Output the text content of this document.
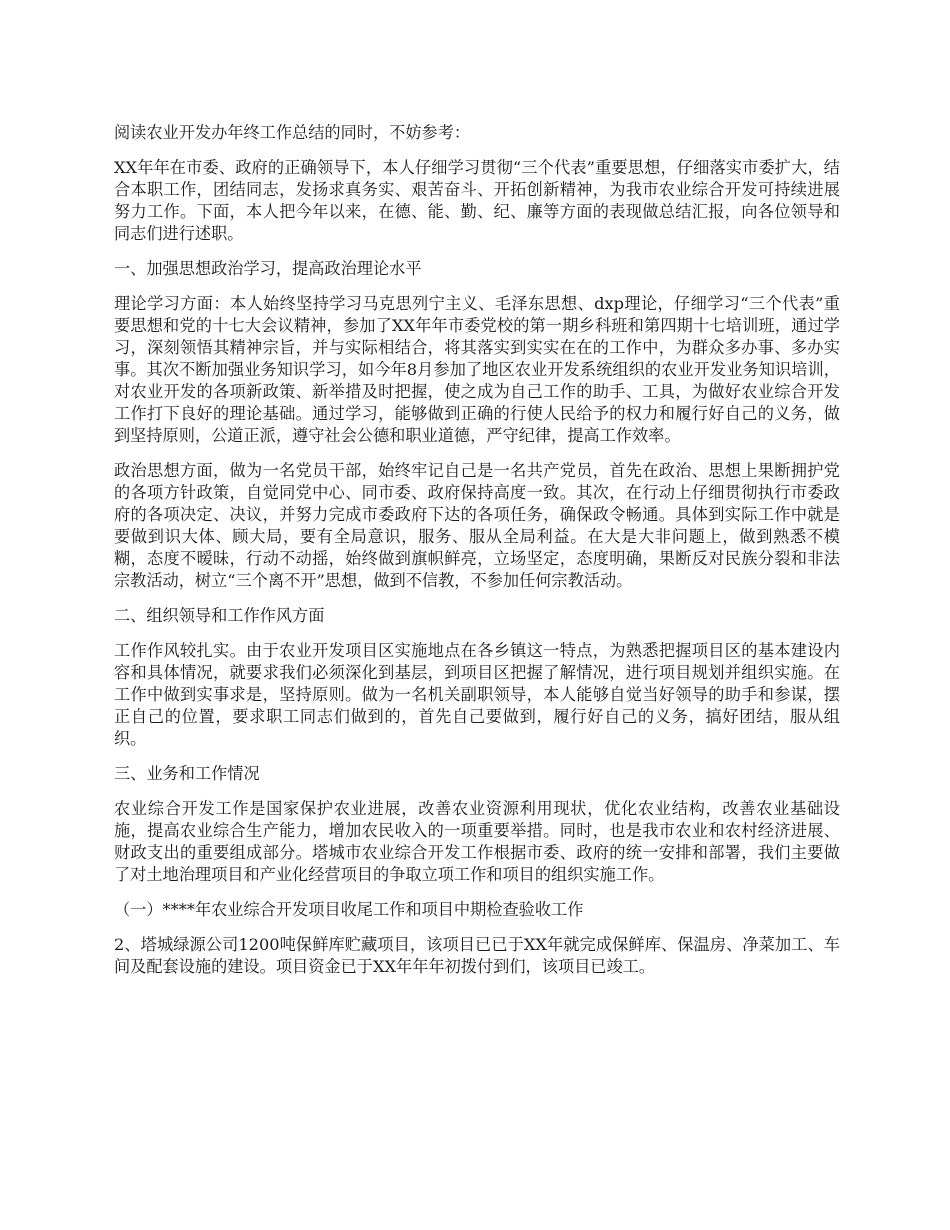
阅读农业开发办年终工作总结的同时，不妨参考：

XX年年在市委、政府的正确领导下，本人仔细学习贯彻“三个代表”重要思想，仔细落实市委扩大，结合本职工作，团结同志，发扬求真务实、艰苦奋斗、开拓创新精神，为我市农业综合开发可持续进展努力工作。下面，本人把今年以来，在德、能、勤、纪、廉等方面的表现做总结汇报，向各位领导和同志们进行述职。

一、加强思想政治学习，提高政治理论水平

理论学习方面：本人始终坚持学习马克思列宁主义、毛泽东思想、dxp理论，仔细学习“三个代表”重要思想和党的十七大会议精神，参加了XX年年市委党校的第一期乡科班和第四期十七培训班，通过学习，深刻领悟其精神宗旨，并与实际相结合，将其落实到实实在在的工作中，为群众多办事、多办实事。其次不断加强业务知识学习，如今年8月参加了地区农业开发系统组织的农业开发业务知识培训，对农业开发的各项新政策、新举措及时把握，使之成为自己工作的助手、工具，为做好农业综合开发工作打下良好的理论基础。通过学习，能够做到正确的行使人民给予的权力和履行好自己的义务，做到坚持原则，公道正派，遵守社会公德和职业道德，严守纪律，提高工作效率。

政治思想方面，做为一名党员干部，始终牢记自己是一名共产党员，首先在政治、思想上果断拥护党的各项方针政策，自觉同党中心、同市委、政府保持高度一致。其次，在行动上仔细贯彻执行市委政府的各项决定、决议，并努力完成市委政府下达的各项任务，确保政令畅通。具体到实际工作中就是要做到识大体、顾大局，要有全局意识，服务、服从全局利益。在大是大非问题上，做到熟悉不模糊，态度不暧昧，行动不动摇，始终做到旗帜鲜亮，立场坚定，态度明确，果断反对民族分裂和非法宗教活动，树立“三个离不开”思想，做到不信教，不参加任何宗教活动。

二、组织领导和工作作风方面

工作作风较扎实。由于农业开发项目区实施地点在各乡镇这一特点，为熟悉把握项目区的基本建设内容和具体情况，就要求我们必须深化到基层，到项目区把握了解情况，进行项目规划并组织实施。在工作中做到实事求是，坚持原则。做为一名机关副职领导，本人能够自觉当好领导的助手和参谋，摆正自己的位置，要求职工同志们做到的，首先自己要做到，履行好自己的义务，搞好团结，服从组织。

三、业务和工作情况

农业综合开发工作是国家保护农业进展，改善农业资源利用现状，优化农业结构，改善农业基础设施，提高农业综合生产能力，增加农民收入的一项重要举措。同时，也是我市农业和农村经济进展、财政支出的重要组成部分。塔城市农业综合开发工作根据市委、政府的统一安排和部署，我们主要做了对土地治理项目和产业化经营项目的争取立项工作和项目的组织实施工作。

（一）****年农业综合开发项目收尾工作和项目中期检查验收工作

2、塔城绿源公司1200吨保鲜库贮藏项目，该项目已已于XX年就完成保鲜库、保温房、净菜加工、车间及配套设施的建设。项目资金已于XX年年年初拨付到们，该项目已竣工。
